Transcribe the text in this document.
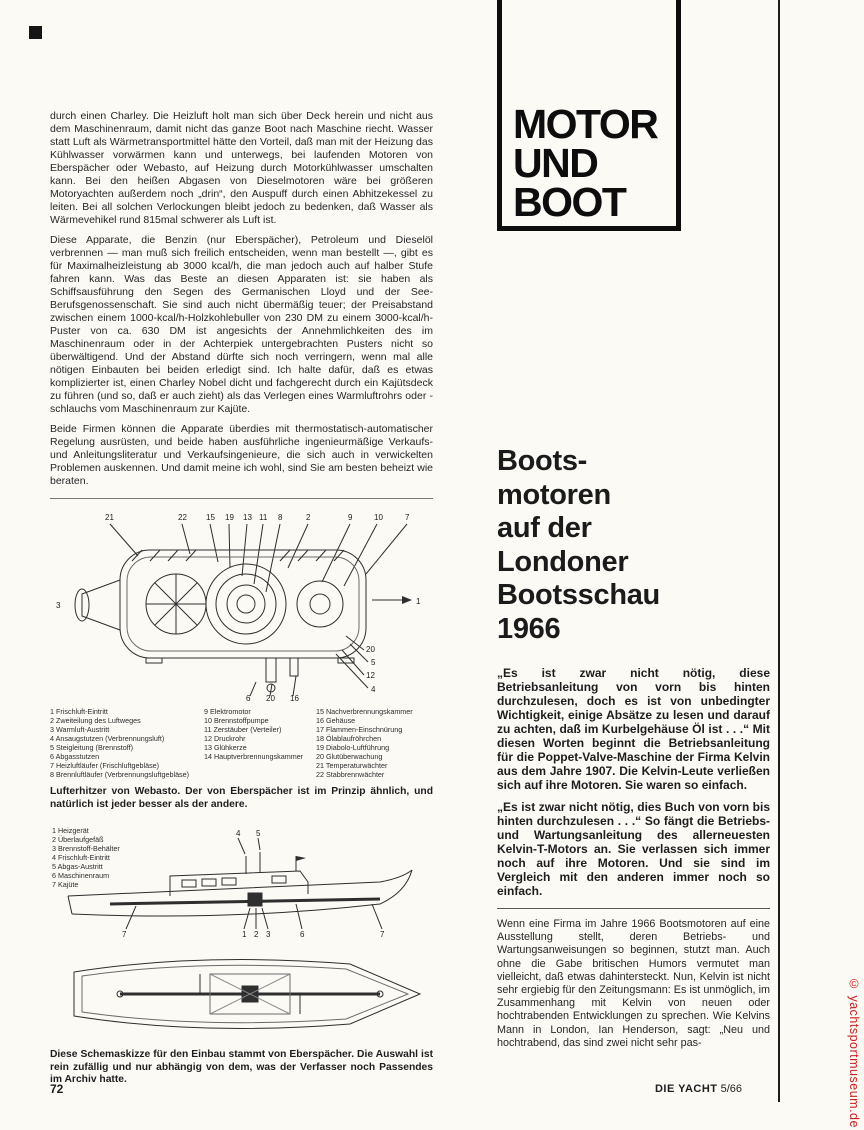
durch einen Charley. Die Heizluft holt man sich über Deck herein und nicht aus dem Maschinenraum, damit nicht das ganze Boot nach Maschine riecht. Wasser statt Luft als Wärmetransportmittel hätte den Vorteil, daß man mit der Heizung das Kühlwasser vorwärmen kann und unterwegs, bei laufenden Motoren von Eberspächer oder Webasto, auf Heizung durch Motorkühlwasser umschalten kann. Bei den heißen Abgasen von Dieselmotoren wäre bei größeren Motoryachten außerdem noch „drin“, den Auspuff durch einen Abhitzekessel zu leiten. Bei all solchen Verlockungen bleibt jedoch zu bedenken, daß Wasser als Wärmevehikel rund 815mal schwerer als Luft ist.

Diese Apparate, die Benzin (nur Eberspächer), Petroleum und Dieselöl verbrennen — man muß sich freilich entscheiden, wenn man bestellt —, gibt es für Maximalheizleistung ab 3000 kcal/h, die man jedoch auch auf halber Stufe fahren kann. Was das Beste an diesen Apparaten ist: sie haben als Schiffsausführung den Segen des Germanischen Lloyd und der See-Berufsgenossenschaft. Sie sind auch nicht übermäßig teuer; der Preisabstand zwischen einem 1000-kcal/h-Holzkohlebuller von 230 DM zu einem 3000-kcal/h-Puster von ca. 630 DM ist angesichts der Annehmlichkeiten des im Maschinenraum oder in der Achterpiek untergebrachten Pusters nicht so überwältigend. Und der Abstand dürfte sich noch verringern, wenn mal alle nötigen Einbauten bei beiden erledigt sind. Ich halte dafür, daß es etwas komplizierter ist, einen Charley Nobel dicht und fachgerecht durch ein Kajütsdeck zu führen (und so, daß er auch zieht) als das Verlegen eines Warmluftrohrs oder -schlauchs vom Maschinenraum zur Kajüte.

Beide Firmen können die Apparate überdies mit thermostatisch-automatischer Regelung ausrüsten, und beide haben ausführliche ingenieurmäßige Verkaufs- und Anleitungsliteratur und Verkaufsingenieure, die sich auch in verwickelten Problemen auskennen. Und damit meine ich wohl, sind Sie am besten beheizt wie beraten.

21	22 15 19 13 11 8	2	9	10	7
3	1
20
5
12
4
6 20 16
1 Frischluft-Eintritt
2 Zweiteilung des Luftweges
3 Warmluft-Austritt
4 Ansaugstutzen (Verbrennungsluft)
5 Steigleitung (Brennstoff)
6 Abgasstutzen
7 Heizluftläufer (Frischluftgebläse)
8 Brennluftläufer (Verbrennungsluftgebläse)
9 Elektromotor
10 Brennstoffpumpe
11 Zerstäuber (Verteiler)
12 Druckrohr
13 Glühkerze
14 Hauptverbrennungskammer
15 Nachverbrennungskammer
16 Gehäuse
17 Flammen-Einschnürung
18 Ölablaufröhrchen
19 Diabolo-Luftführung
20 Glutüberwachung
21 Temperaturwächter
22 Stabbrennwächter

Lufterhitzer von Webasto. Der von Eberspächer ist im Prinzip ähnlich, und natürlich ist jeder besser als der andere.

1 Heizgerät
2 Überlaufgefäß
3 Brennstoff-Behälter
4 Frischluft-Eintritt
5 Abgas-Austritt
6 Maschinenraum
7 Kajüte
4 5
7	1 2 3	6	7

Diese Schemaskizze für den Einbau stammt von Eberspächer. Die Auswahl ist rein zufällig und nur abhängig von dem, was der Verfasser noch Passendes im Archiv hatte.

72
MOTOR
UND
BOOT
Boots-
motoren
auf der
Londoner
Bootsschau
1966

„Es ist zwar nicht nötig, diese Betriebsanleitung von vorn bis hinten durchzulesen, doch es ist von unbedingter Wichtigkeit, einige Absätze zu lesen und darauf zu achten, daß im Kurbelgehäuse Öl ist . . .“ Mit diesen Worten beginnt die Betriebsanleitung für die Poppet-Valve-Maschine der Firma Kelvin aus dem Jahre 1907. Die Kelvin-Leute verließen sich auf ihre Motoren. Sie waren so einfach.

„Es ist zwar nicht nötig, dies Buch von vorn bis hinten durchzulesen . . .“ So fängt die Betriebs- und Wartungsanleitung des allerneuesten Kelvin-T-Motors an. Sie verlassen sich immer noch auf ihre Motoren. Und sie sind im Vergleich mit den anderen immer noch so einfach.

Wenn eine Firma im Jahre 1966 Bootsmotoren auf eine Ausstellung stellt, deren Betriebs- und Wartungsanweisungen so beginnen, stutzt man. Auch ohne die Gabe britischen Humors vermutet man vielleicht, daß etwas dahintersteckt. Nun, Kelvin ist nicht sehr ergiebig für den Zeitungsmann: Es ist unmöglich, im Zusammenhang mit Kelvin von neuen oder hochtrabenden Entwicklungen zu sprechen. Wie Kelvins Mann in London, Ian Henderson, sagt: „Neu und hochtrabend, das sind zwei nicht sehr pas-

DIE YACHT 5/66	© yachtsportmuseum.de
